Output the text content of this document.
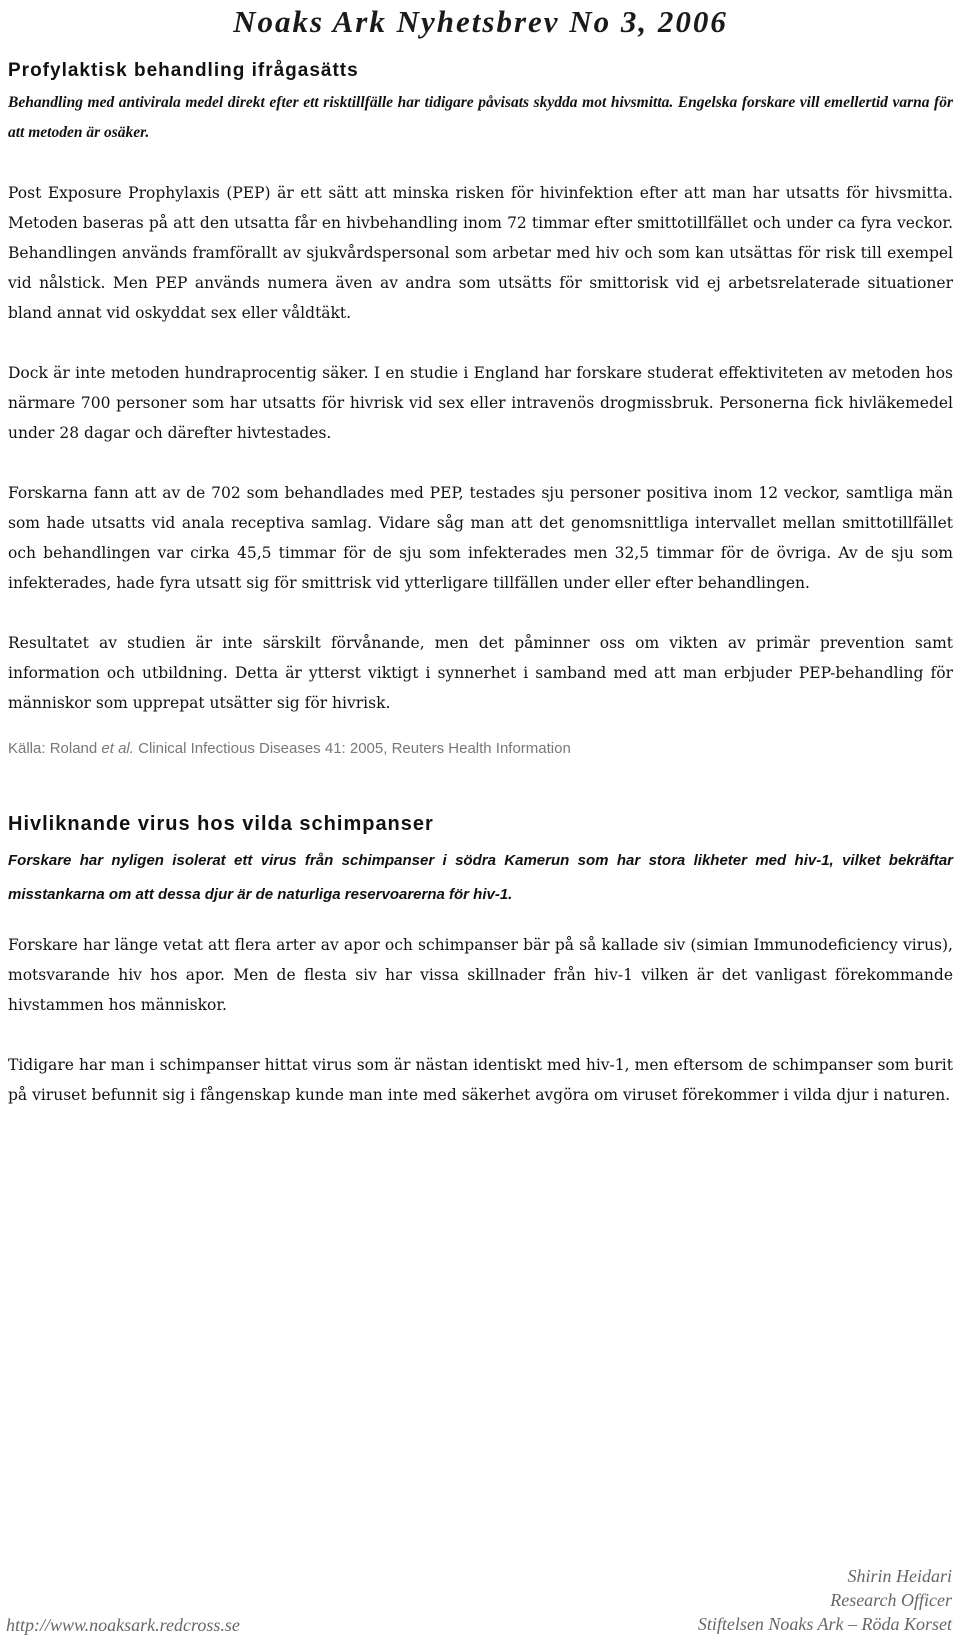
Noaks Ark Nyhetsbrev No 3, 2006
Profylaktisk behandling ifrågasätts

Behandling med antivirala medel direkt efter ett risktillfälle har tidigare påvisats skydda mot hivsmitta. Engelska forskare vill emellertid varna för att metoden är osäker.

Post Exposure Prophylaxis (PEP) är ett sätt att minska risken för hivinfektion efter att man har utsatts för hivsmitta. Metoden baseras på att den utsatta får en hivbehandling inom 72 timmar efter smittotillfället och under ca fyra veckor. Behandlingen används framförallt av sjukvårdspersonal som arbetar med hiv och som kan utsättas för risk till exempel vid nålstick. Men PEP används numera även av andra som utsätts för smittorisk vid ej arbetsrelaterade situationer bland annat vid oskyddat sex eller våldtäkt.

Dock är inte metoden hundraprocentig säker. I en studie i England har forskare studerat effektiviteten av metoden hos närmare 700 personer som har utsatts för hivrisk vid sex eller intravenös drogmissbruk. Personerna fick hivläkemedel under 28 dagar och därefter hivtestades.

Forskarna fann att av de 702 som behandlades med PEP, testades sju personer positiva inom 12 veckor, samtliga män som hade utsatts vid anala receptiva samlag. Vidare såg man att det genomsnittliga intervallet mellan smittotillfället och behandlingen var cirka 45,5 timmar för de sju som infekterades men 32,5 timmar för de övriga. Av de sju som infekterades, hade fyra utsatt sig för smittrisk vid ytterligare tillfällen under eller efter behandlingen.

Resultatet av studien är inte särskilt förvånande, men det påminner oss om vikten av primär prevention samt information och utbildning. Detta är ytterst viktigt i synnerhet i samband med att man erbjuder PEP-behandling för människor som upprepat utsätter sig för hivrisk.

Källa: Roland et al. Clinical Infectious Diseases 41: 2005, Reuters Health Information

Hivliknande virus hos vilda schimpanser

Forskare har nyligen isolerat ett virus från schimpanser i södra Kamerun som har stora likheter med hiv-1, vilket bekräftar misstankarna om att dessa djur är de naturliga reservoarerna för hiv-1.

Forskare har länge vetat att flera arter av apor och schimpanser bär på så kallade siv (simian Immunodeficiency virus), motsvarande hiv hos apor. Men de flesta siv har vissa skillnader från hiv-1 vilken är det vanligast förekommande hivstammen hos människor.

Tidigare har man i schimpanser hittat virus som är nästan identiskt med hiv-1, men eftersom de schimpanser som burit på viruset befunnit sig i fångenskap kunde man inte med säkerhet avgöra om viruset förekommer i vilda djur i naturen.

http://www.noaksark.redcross.se
Shirin Heidari
Research Officer
Stiftelsen Noaks Ark – Röda Korset
